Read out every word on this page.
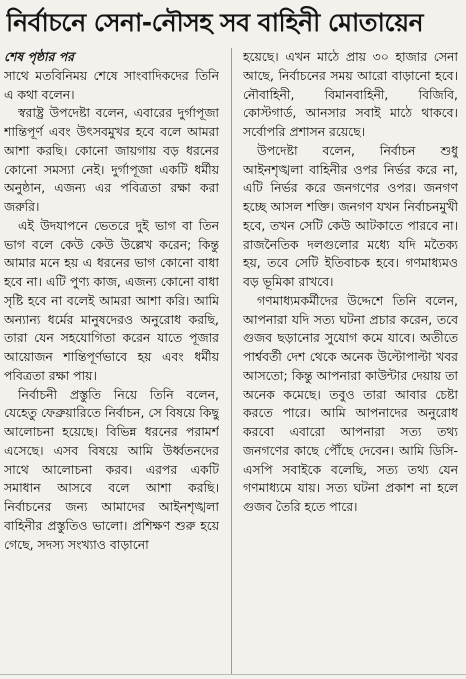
নির্বাচনে সেনা-নৌসহ সব বাহিনী মোতায়েন

শেষ পৃষ্ঠার পর

সাথে মতবিনিময় শেষে সাংবাদিকদের তিনি এ কথা বলেন।

স্বরাষ্ট্র উপদেষ্টা বলেন, এবারের দুর্গাপূজা শান্তিপূর্ণ এবং উৎসবমুখর হবে বলে আমরা আশা করছি। কোনো জায়গায় বড় ধরনের কোনো সমস্যা নেই। দুর্গাপূজা একটি ধর্মীয় অনুষ্ঠান, এজন্য এর পবিত্রতা রক্ষা করা জরুরি।

এই উদযাপনে ভেতরে দুই ভাগ বা তিন ভাগ বলে কেউ কেউ উল্লেখ করেন; কিন্তু আমার মনে হয় এ ধরনের ভাগ কোনো বাধা হবে না। এটি পুণ্য কাজ, এজন্য কোনো বাধা সৃষ্টি হবে না বলেই আমরা আশা করি। আমি অন্যান্য ধর্মের মানুষদেরও অনুরোধ করছি, তারা যেন সহযোগিতা করেন যাতে পূজার আয়োজন শান্তিপূর্ণভাবে হয় এবং ধর্মীয় পবিত্রতা রক্ষা পায়।

নির্বাচনী প্রস্তুতি নিয়ে তিনি বলেন, যেহেতু ফেব্রুয়ারিতে নির্বাচন, সে বিষয়ে কিছু আলোচনা হয়েছে। বিভিন্ন ধরনের পরামর্শ এসেছে। এসব বিষয়ে আমি উর্ধ্বতনদের সাথে আলোচনা করব। এরপর একটি সমাধান আসবে বলে আশা করছি। নির্বাচনের জন্য আমাদের আইনশৃঙ্খলা বাহিনীর প্রস্তুতিও ভালো। প্রশিক্ষণ শুরু হয়ে গেছে, সদস্য সংখ্যাও বাড়ানো

হয়েছে। এখন মাঠে প্রায় ৩০ হাজার সেনা আছে, নির্বাচনের সময় আরো বাড়ানো হবে। নৌবাহিনী, বিমানবাহিনী, বিজিবি, কোস্টগার্ড, আনসার সবাই মাঠে থাকবে। সর্বোপরি প্রশাসন রয়েছে।

উপদেষ্টা বলেন, নির্বাচন শুধু আইনশৃঙ্খলা বাহিনীর ওপর নির্ভর করে না, এটি নির্ভর করে জনগণের ওপর। জনগণ হচ্ছে আসল শক্তি। জনগণ যখন নির্বাচনমুখী হবে, তখন সেটি কেউ আটকাতে পারবে না। রাজনৈতিক দলগুলোর মধ্যে যদি মতৈক্য হয়, তবে সেটি ইতিবাচক হবে। গণমাধ্যমও বড় ভূমিকা রাখবে।

গণমাধ্যমকর্মীদের উদ্দেশে তিনি বলেন, আপনারা যদি সত্য ঘটনা প্রচার করেন, তবে গুজব ছড়ানোর সুযোগ কমে যাবে। অতীতে পার্শ্ববর্তী দেশ থেকে অনেক উল্টোপাল্টা খবর আসতো; কিন্তু আপনারা কাউন্টার দেয়ায় তা অনেক কমেছে। তবুও তারা আবার চেষ্টা করতে পারে। আমি আপনাদের অনুরোধ করবো এবারো আপনারা সত্য তথ্য জনগণের কাছে পৌঁছে দেবেন। আমি ডিসি-এসপি সবাইকে বলেছি, সত্য তথ্য যেন গণমাধ্যমে যায়। সত্য ঘটনা প্রকাশ না হলে গুজব তৈরি হতে পারে।
